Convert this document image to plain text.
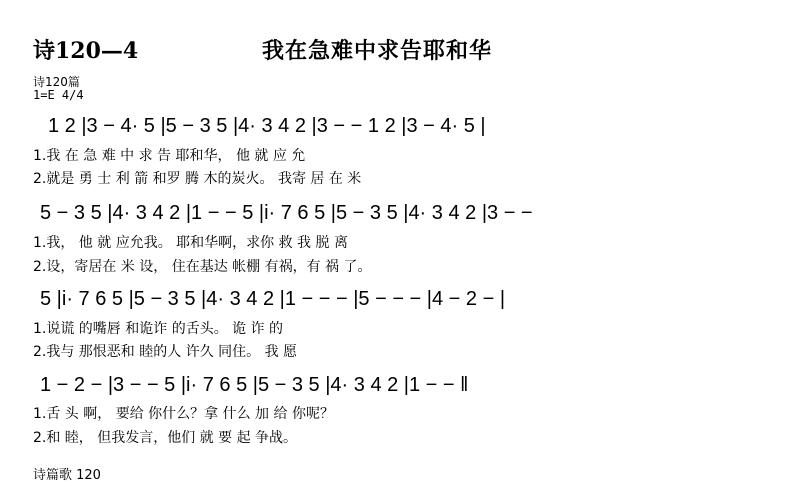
诗120—4	我在急难中求告耶和华
诗120篇
1=E 4/4
1 2 |3 − 4· 5 |5 − 3 5 |4· 3 4 2 |3 − − 1 2 |3 − 4· 5 |
1.我 在 急 难 中 求 告 耶和华， 他 就 应 允
2.就是 勇 士 利 箭 和罗 腾 木的炭火。 我寄 居 在 米
5 − 3 5 |4· 3 4 2 |1 − − 5 |i· 7 6 5 |5 − 3 5 |4· 3 4 2 |3 − −
1.我， 他 就 应允我。 耶和华啊，求你 救 我 脱 离
2.设，寄居在 米 设， 住在基达 帐棚 有祸，有 祸 了。
5 |i· 7 6 5 |5 − 3 5 |4· 3 4 2 |1 − − − |5 − − − |4 − 2 − |
1.说谎 的嘴唇 和诡诈 的舌头。 诡 诈 的
2.我与 那恨恶和 睦的人 许久 同住。 我 愿
1 − 2 − |3 − − 5 |i· 7 6 5 |5 − 3 5 |4· 3 4 2 |1 − − ‖
1.舌 头 啊， 要给 你什么？拿 什么 加 给 你呢？
2.和 睦， 但我发言，他们 就 要 起 争战。
诗篇歌 120
